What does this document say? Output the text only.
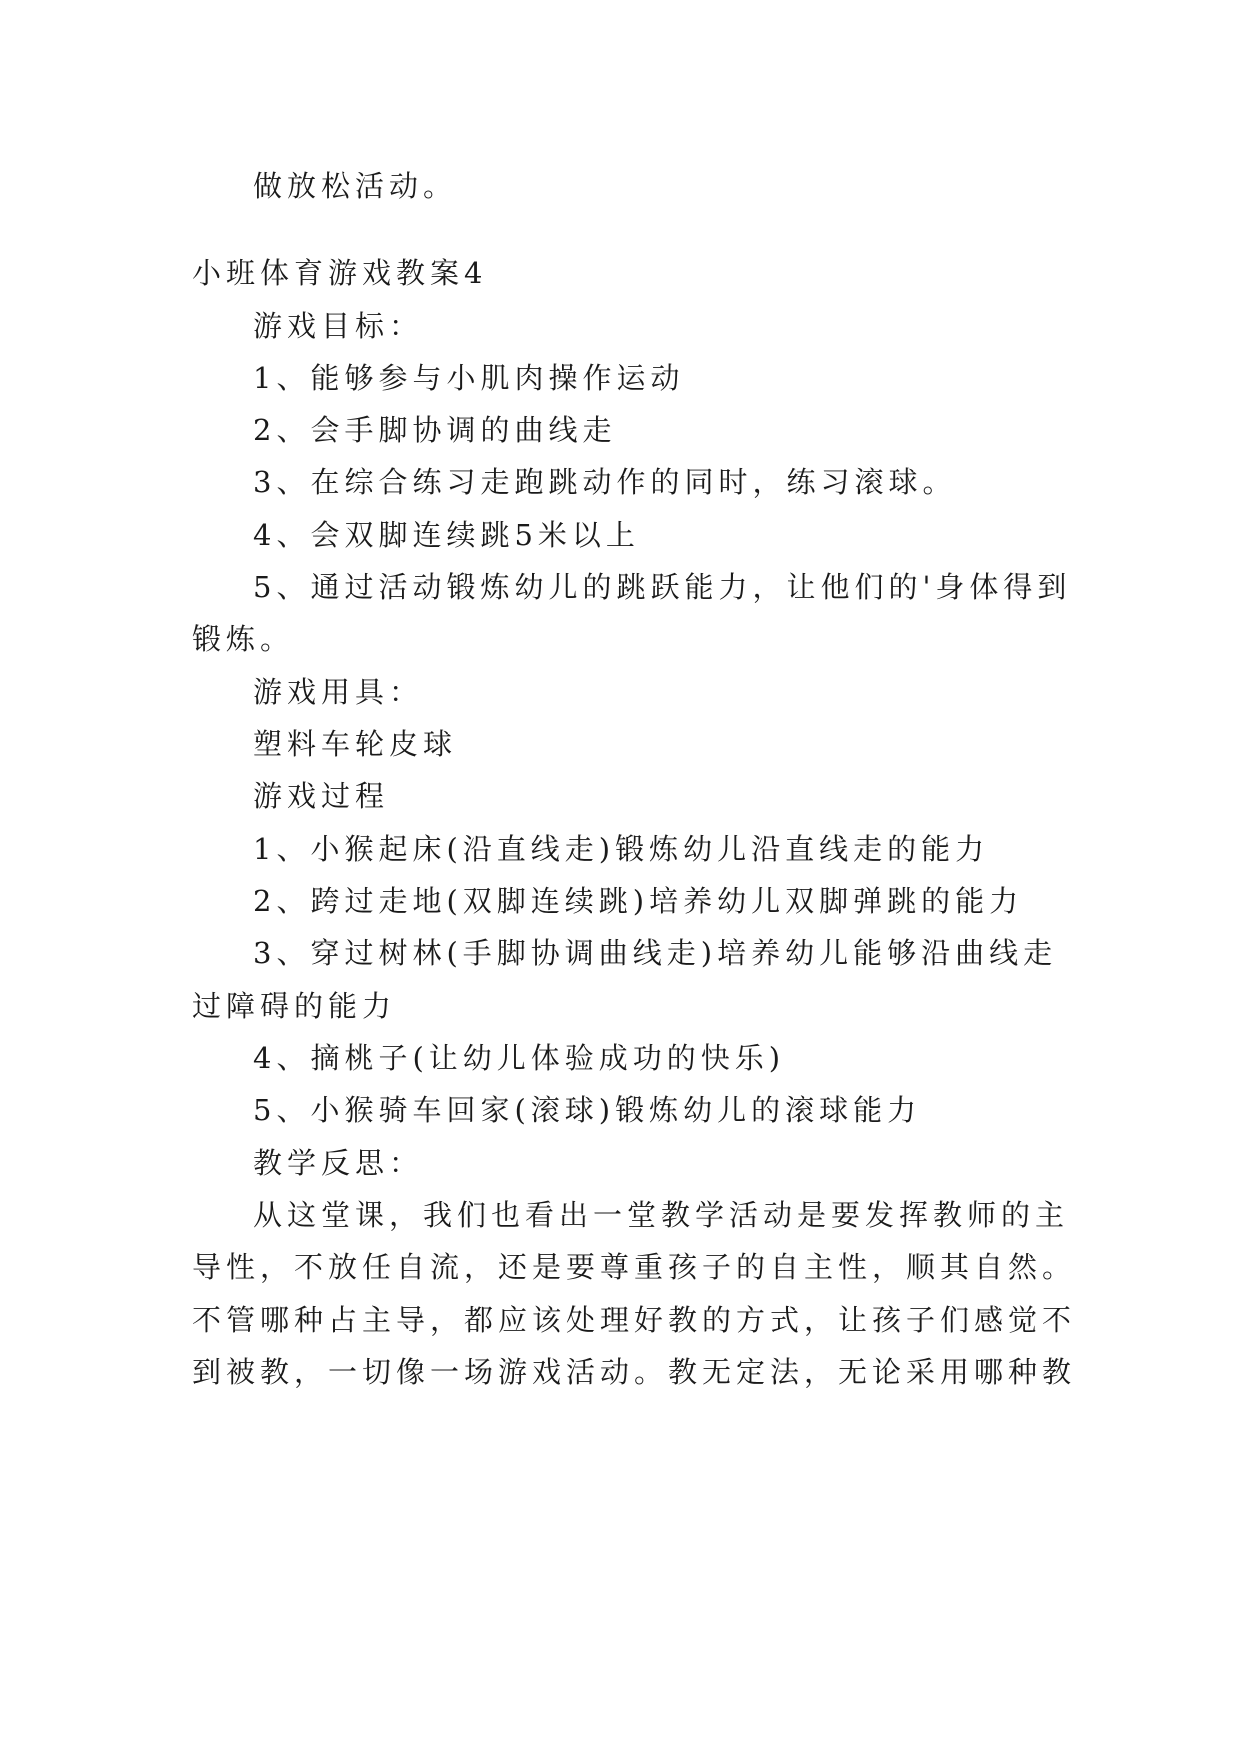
做放松活动。
小班体育游戏教案4
游戏目标：
1、能够参与小肌肉操作运动
2、会手脚协调的曲线走
3、在综合练习走跑跳动作的同时，练习滚球。
4、会双脚连续跳5米以上
5、通过活动锻炼幼儿的跳跃能力，让他们的'身体得到
锻炼。
游戏用具：
塑料车轮皮球
游戏过程
1、小猴起床(沿直线走)锻炼幼儿沿直线走的能力
2、跨过走地(双脚连续跳)培养幼儿双脚弹跳的能力
3、穿过树林(手脚协调曲线走)培养幼儿能够沿曲线走
过障碍的能力
4、摘桃子(让幼儿体验成功的快乐)
5、小猴骑车回家(滚球)锻炼幼儿的滚球能力
教学反思：
从这堂课，我们也看出一堂教学活动是要发挥教师的主
导性，不放任自流，还是要尊重孩子的自主性，顺其自然。
不管哪种占主导，都应该处理好教的方式，让孩子们感觉不
到被教，一切像一场游戏活动。教无定法，无论采用哪种教
